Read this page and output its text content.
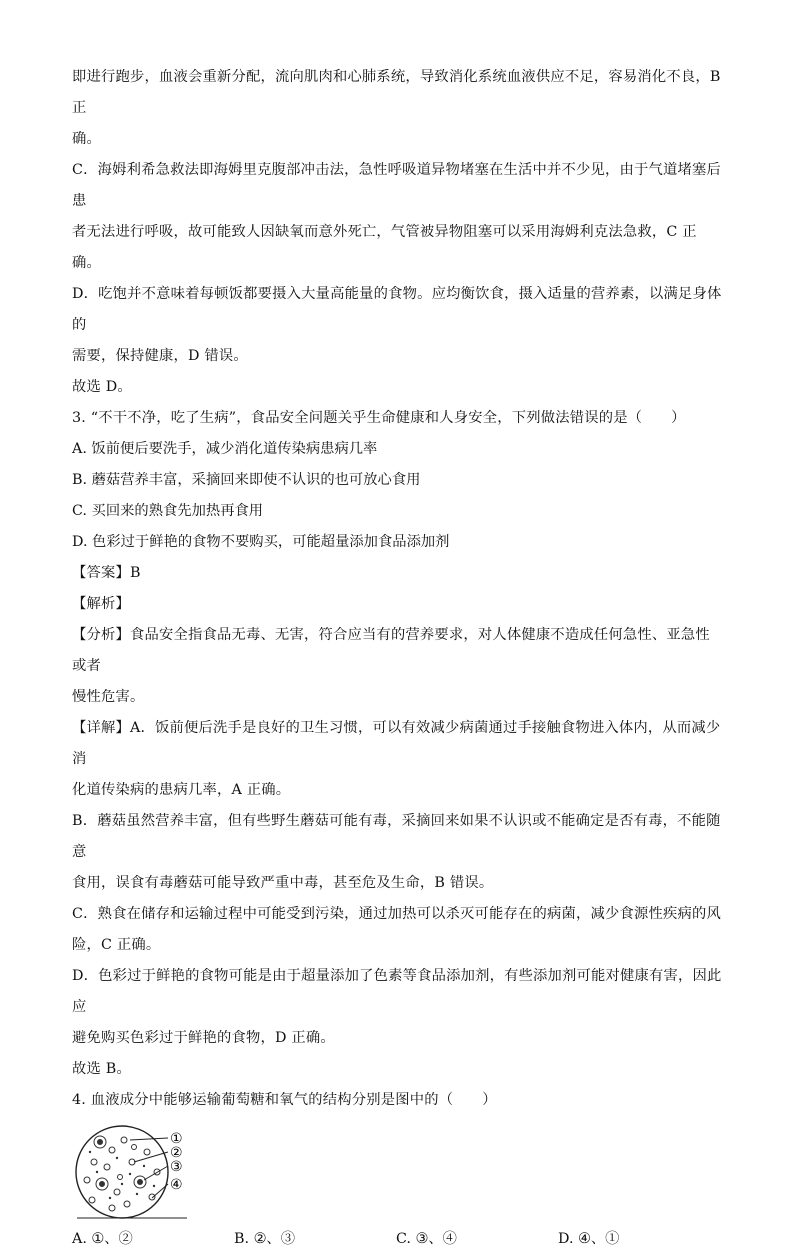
即进行跑步，血液会重新分配，流向肌肉和心肺系统，导致消化系统血液供应不足，容易消化不良，B 正

确。

C．海姆利希急救法即海姆里克腹部冲击法，急性呼吸道异物堵塞在生活中并不少见，由于气道堵塞后患

者无法进行呼吸，故可能致人因缺氧而意外死亡，气管被异物阻塞可以采用海姆利克法急救，C 正确。

D．吃饱并不意味着每顿饭都要摄入大量高能量的食物。应均衡饮食，摄入适量的营养素，以满足身体的

需要，保持健康，D 错误。

故选 D。

3. “不干不净，吃了生病”，食品安全问题关乎生命健康和人身安全，下列做法错误的是（　　）

A. 饭前便后要洗手，减少消化道传染病患病几率

B. 蘑菇营养丰富，采摘回来即使不认识的也可放心食用

C. 买回来的熟食先加热再食用

D. 色彩过于鲜艳的食物不要购买，可能超量添加食品添加剂

【答案】B

【解析】

【分析】食品安全指食品无毒、无害，符合应当有的营养要求，对人体健康不造成任何急性、亚急性或者

慢性危害。

【详解】A．饭前便后洗手是良好的卫生习惯，可以有效减少病菌通过手接触食物进入体内，从而减少消

化道传染病的患病几率，A 正确。

B．蘑菇虽然营养丰富，但有些野生蘑菇可能有毒，采摘回来如果不认识或不能确定是否有毒，不能随意

食用，误食有毒蘑菇可能导致严重中毒，甚至危及生命，B 错误。

C．熟食在储存和运输过程中可能受到污染，通过加热可以杀灭可能存在的病菌，减少食源性疾病的风

险，C 正确。

D．色彩过于鲜艳的食物可能是由于超量添加了色素等食品添加剂，有些添加剂可能对健康有害，因此应

避免购买色彩过于鲜艳的食物，D 正确。

故选 B。

4. 血液成分中能够运输葡萄糖和氧气的结构分别是图中的（　　）

①
②
③
④
A. ①、②	B. ②、③	C. ③、④	D. ④、①
